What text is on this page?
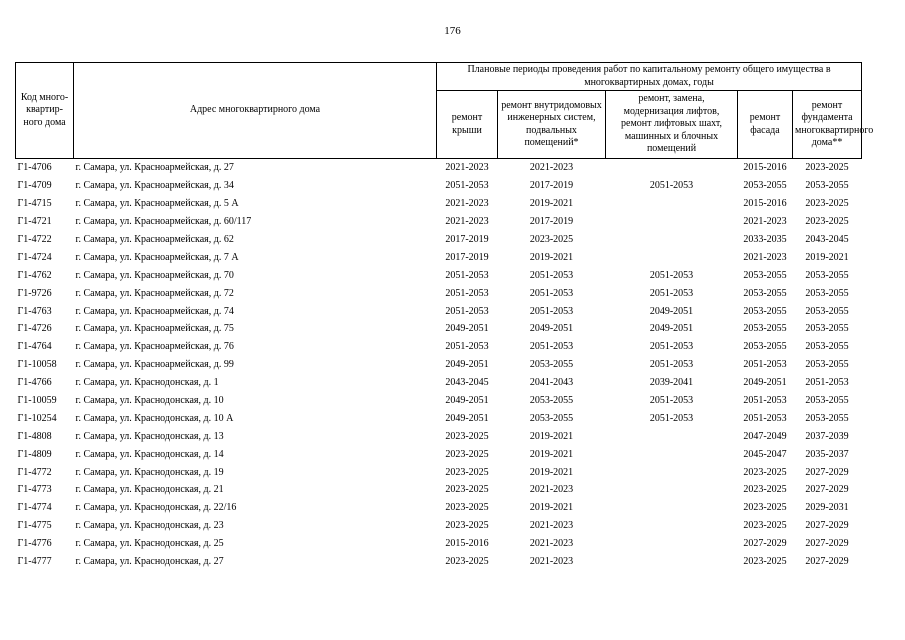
176
Код много-квартир-ного дома	Адрес многоквартирного дома	Плановые периоды проведения работ по капитальному ремонту общего имущества в многоквартирных домах, годы				
		ремонт крыши	ремонт внутридомовых инженерных систем, подвальных помещений*	ремонт, замена, модернизация лифтов, ремонт лифтовых шахт, машинных и блочных помещений	ремонт фасада	ремонт фундамента многоквартирного дома**
Г1-4706	г. Самара, ул. Красноармейская, д. 27	2021-2023	2021-2023		2015-2016	2023-2025
Г1-4709	г. Самара, ул. Красноармейская, д. 34	2051-2053	2017-2019	2051-2053	2053-2055	2053-2055
Г1-4715	г. Самара, ул. Красноармейская, д. 5 А	2021-2023	2019-2021		2015-2016	2023-2025
Г1-4721	г. Самара, ул. Красноармейская, д. 60/117	2021-2023	2017-2019		2021-2023	2023-2025
Г1-4722	г. Самара, ул. Красноармейская, д. 62	2017-2019	2023-2025		2033-2035	2043-2045
Г1-4724	г. Самара, ул. Красноармейская, д. 7 А	2017-2019	2019-2021		2021-2023	2019-2021
Г1-4762	г. Самара, ул. Красноармейская, д. 70	2051-2053	2051-2053	2051-2053	2053-2055	2053-2055
Г1-9726	г. Самара, ул. Красноармейская, д. 72	2051-2053	2051-2053	2051-2053	2053-2055	2053-2055
Г1-4763	г. Самара, ул. Красноармейская, д. 74	2051-2053	2051-2053	2049-2051	2053-2055	2053-2055
Г1-4726	г. Самара, ул. Красноармейская, д. 75	2049-2051	2049-2051	2049-2051	2053-2055	2053-2055
Г1-4764	г. Самара, ул. Красноармейская, д. 76	2051-2053	2051-2053	2051-2053	2053-2055	2053-2055
Г1-10058	г. Самара, ул. Красноармейская, д. 99	2049-2051	2053-2055	2051-2053	2051-2053	2053-2055
Г1-4766	г. Самара, ул. Краснодонская, д. 1	2043-2045	2041-2043	2039-2041	2049-2051	2051-2053
Г1-10059	г. Самара, ул. Краснодонская, д. 10	2049-2051	2053-2055	2051-2053	2051-2053	2053-2055
Г1-10254	г. Самара, ул. Краснодонская, д. 10 А	2049-2051	2053-2055	2051-2053	2051-2053	2053-2055
Г1-4808	г. Самара, ул. Краснодонская, д. 13	2023-2025	2019-2021		2047-2049	2037-2039
Г1-4809	г. Самара, ул. Краснодонская, д. 14	2023-2025	2019-2021		2045-2047	2035-2037
Г1-4772	г. Самара, ул. Краснодонская, д. 19	2023-2025	2019-2021		2023-2025	2027-2029
Г1-4773	г. Самара, ул. Краснодонская, д. 21	2023-2025	2021-2023		2023-2025	2027-2029
Г1-4774	г. Самара, ул. Краснодонская, д. 22/16	2023-2025	2019-2021		2023-2025	2029-2031
Г1-4775	г. Самара, ул. Краснодонская, д. 23	2023-2025	2021-2023		2023-2025	2027-2029
Г1-4776	г. Самара, ул. Краснодонская, д. 25	2015-2016	2021-2023		2027-2029	2027-2029
Г1-4777	г. Самара, ул. Краснодонская, д. 27	2023-2025	2021-2023		2023-2025	2027-2029
